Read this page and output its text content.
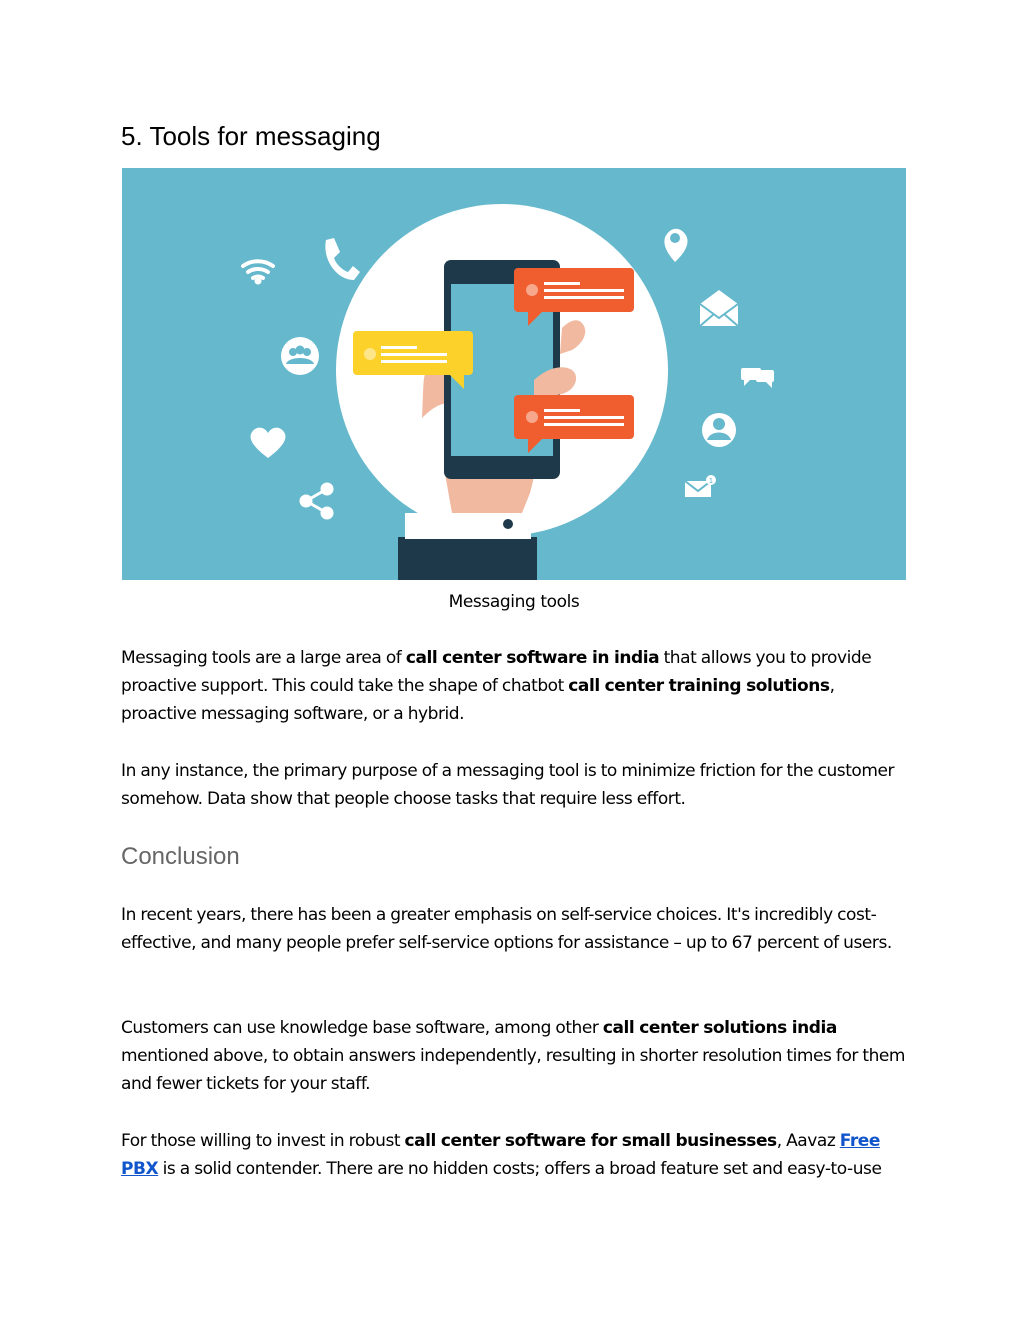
5. Tools for messaging
1
Messaging tools

Messaging tools are a large area of call center software in india that allows you to provide proactive support. This could take the shape of chatbot call center training solutions, proactive messaging software, or a hybrid.

In any instance, the primary purpose of a messaging tool is to minimize friction for the customer somehow. Data show that people choose tasks that require less effort.

Conclusion

In recent years, there has been a greater emphasis on self-service choices. It's incredibly cost-effective, and many people prefer self-service options for assistance – up to 67 percent of users.

Customers can use knowledge base software, among other call center solutions india mentioned above, to obtain answers independently, resulting in shorter resolution times for them and fewer tickets for your staff.

For those willing to invest in robust call center software for small businesses, Aavaz Free PBX is a solid contender. There are no hidden costs; offers a broad feature set and easy-to-use
